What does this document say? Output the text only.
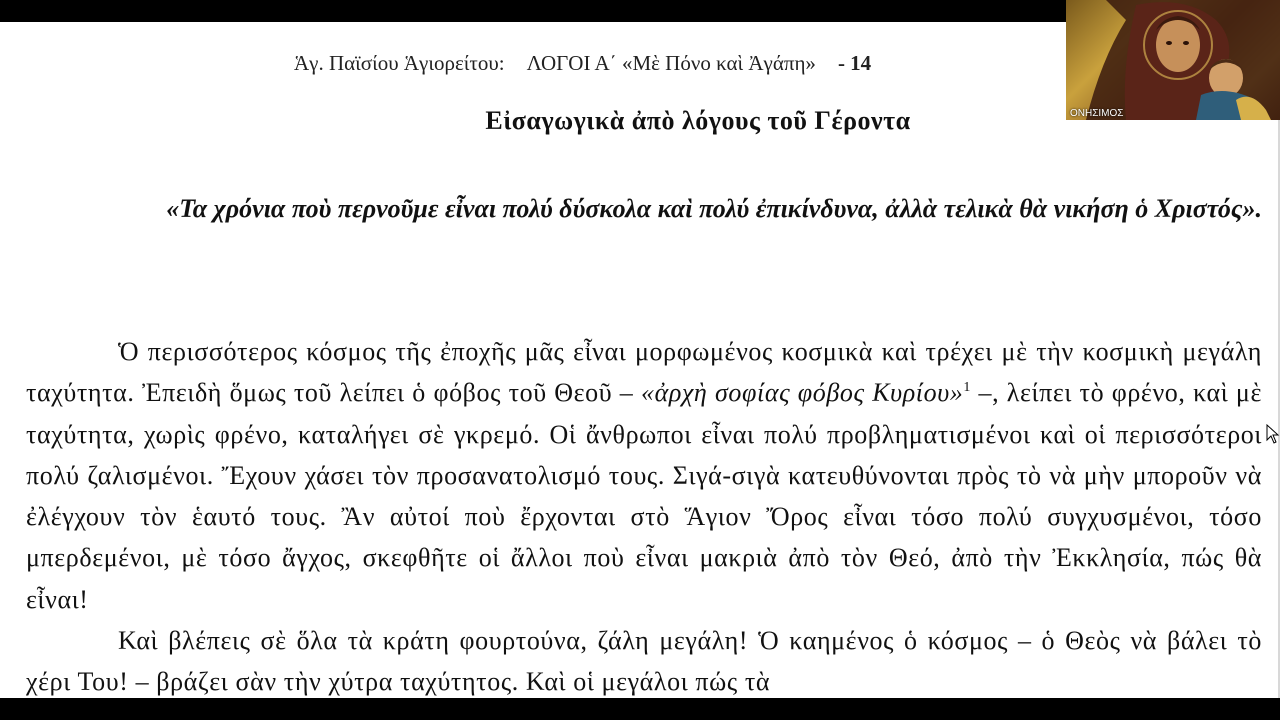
Ἁγ. Παϊσίου Ἁγιορείτου: ΛΟΓΟΙ Α΄ «Μὲ Πόνο καὶ Ἀγάπη» - 14
Εἰσαγωγικὰ ἀπὸ λόγους τοῦ Γέροντα
«Τα χρόνια ποὺ περνοῦμε εἶναι πολύ δύσκολα καὶ πολύ ἐπικίνδυνα, ἀλλὰ τελικὰ θὰ νικήση ὁ Χριστός».

Ὁ περισσότερος κόσμος τῆς ἐποχῆς μᾶς εἶναι μορφωμένος κοσμικὰ καὶ τρέχει μὲ τὴν κοσμικὴ μεγάλη ταχύτητα. Ἐπειδὴ ὅμως τοῦ λείπει ὁ φόβος τοῦ Θεοῦ – «ἀρχὴ σοφίας φόβος Κυρίου»$^1$ –, λείπει τὸ φρένο, καὶ μὲ ταχύτητα, χωρὶς φρένο, καταλήγει σὲ γκρεμό. Οἱ ἄνθρωποι εἶναι πολύ προβληματισμένοι καὶ οἱ περισσότεροι πολύ ζαλισμένοι. Ἔχουν χάσει τὸν προσανατολισμό τους. Σιγά-σιγὰ κατευθύνονται πρὸς τὸ νὰ μὴν μποροῦν νὰ ἐλέγχουν τὸν ἑαυτό τους. Ἂν αὐτοί ποὺ ἔρχονται στὸ Ἅγιον Ὄρος εἶναι τόσο πολύ συγχυσμένοι, τόσο μπερδεμένοι, μὲ τόσο ἄγχος, σκεφθῆτε οἱ ἄλλοι ποὺ εἶναι μακριὰ ἀπὸ τὸν Θεό, ἀπὸ τὴν Ἐκκλησία, πώς θὰ εἶναι!

Καὶ βλέπεις σὲ ὅλα τὰ κράτη φουρτούνα, ζάλη μεγάλη! Ὁ καημένος ὁ κόσμος – ὁ Θεὸς νὰ βάλει τὸ χέρι Του! – βράζει σὰν τὴν χύτρα ταχύτητος. Καὶ οἱ μεγάλοι πώς τὰ

ΟΝΗΣΙΜΟΣ
